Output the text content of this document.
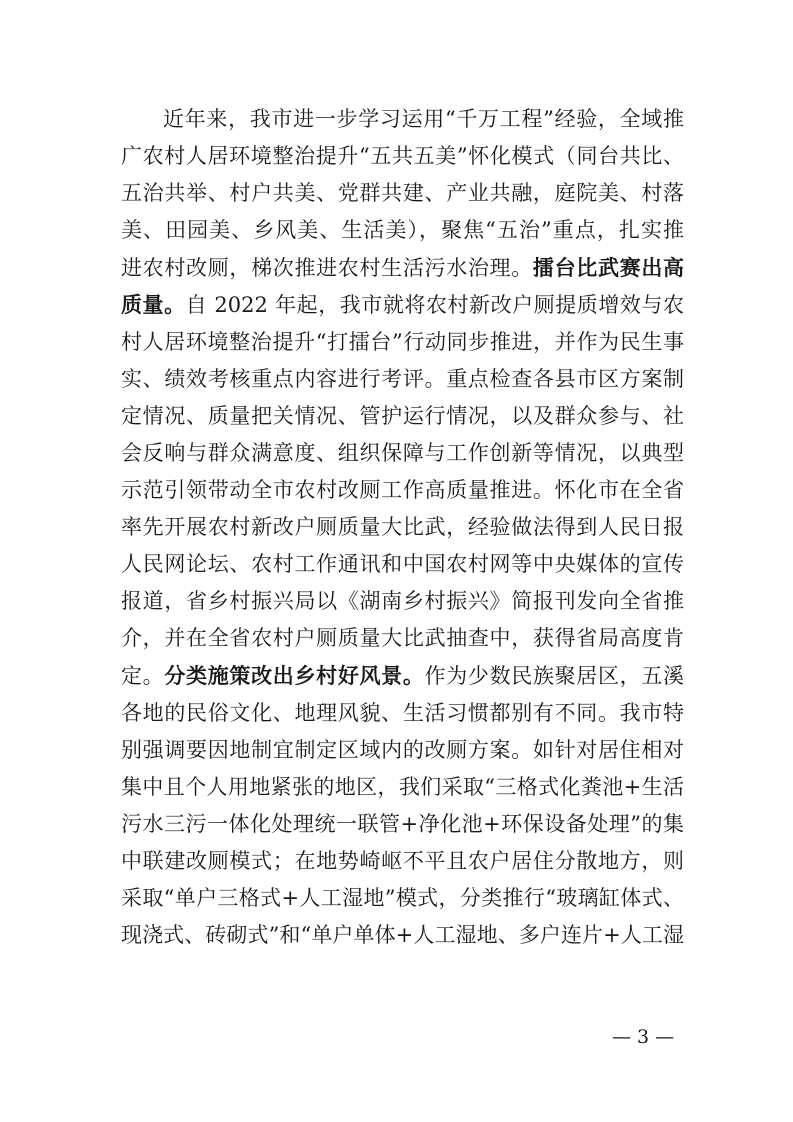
近年来，我市进一步学习运用“千万工程”经验，全域推
广农村人居环境整治提升“五共五美”怀化模式（同台共比、
五治共举、村户共美、党群共建、产业共融，庭院美、村落
美、田园美、乡风美、生活美），聚焦“五治”重点，扎实推
进农村改厕，梯次推进农村生活污水治理。擂台比武赛出高
质量。自 2022 年起，我市就将农村新改户厕提质增效与农
村人居环境整治提升“打擂台”行动同步推进，并作为民生事
实、绩效考核重点内容进行考评。重点检查各县市区方案制
定情况、质量把关情况、管护运行情况，以及群众参与、社
会反响与群众满意度、组织保障与工作创新等情况，以典型
示范引领带动全市农村改厕工作高质量推进。怀化市在全省
率先开展农村新改户厕质量大比武，经验做法得到人民日报
人民网论坛、农村工作通讯和中国农村网等中央媒体的宣传
报道，省乡村振兴局以《湖南乡村振兴》简报刊发向全省推
介，并在全省农村户厕质量大比武抽查中，获得省局高度肯
定。分类施策改出乡村好风景。作为少数民族聚居区，五溪
各地的民俗文化、地理风貌、生活习惯都别有不同。我市特
别强调要因地制宜制定区域内的改厕方案。如针对居住相对
集中且个人用地紧张的地区，我们采取“三格式化粪池+生活
污水三污一体化处理统一联管+净化池+环保设备处理”的集
中联建改厕模式；在地势崎岖不平且农户居住分散地方，则
采取“单户三格式+人工湿地”模式，分类推行“玻璃缸体式、
现浇式、砖砌式”和“单户单体+人工湿地、多户连片+人工湿
— 3 —
